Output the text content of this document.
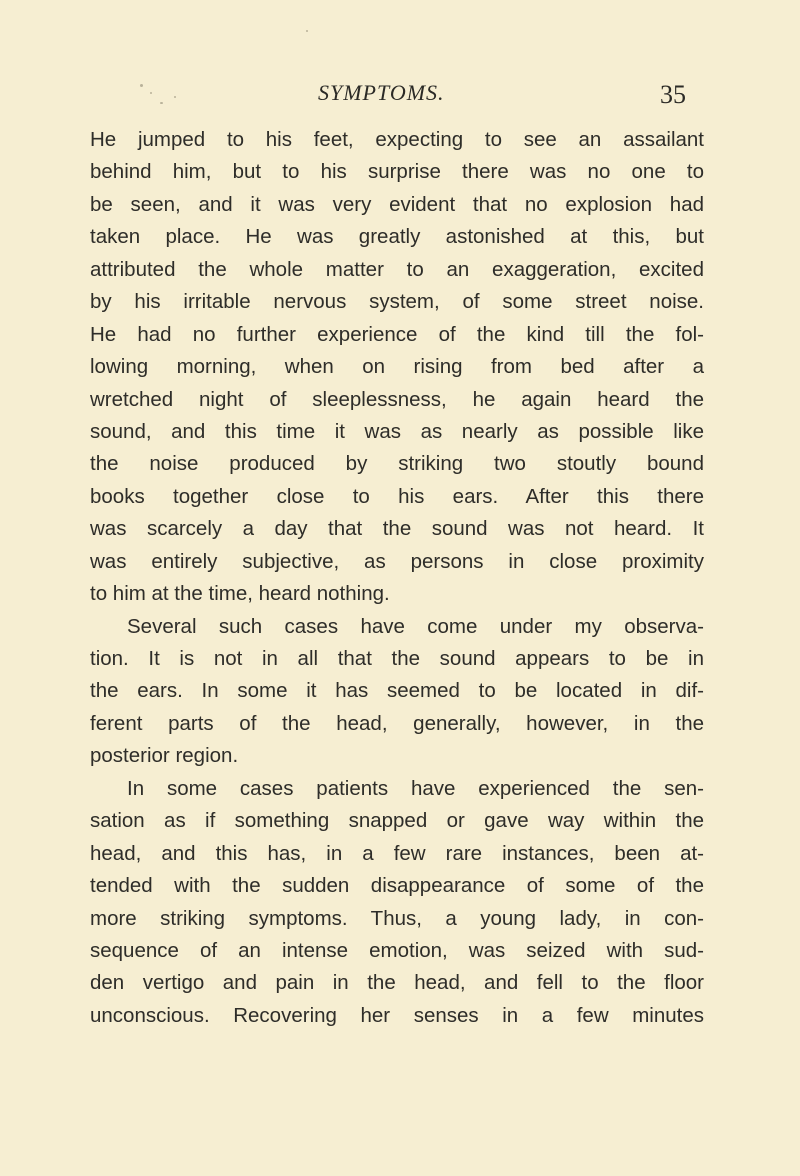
SYMPTOMS.	35
He jumped to his feet, expecting to see an assailant
behind him, but to his surprise there was no one to
be seen, and it was very evident that no explosion had
taken place. He was greatly astonished at this, but
attributed the whole matter to an exaggeration, excited
by his irritable nervous system, of some street noise.
He had no further experience of the kind till the fol-
lowing morning, when on rising from bed after a
wretched night of sleeplessness, he again heard the
sound, and this time it was as nearly as possible like
the noise produced by striking two stoutly bound
books together close to his ears. After this there
was scarcely a day that the sound was not heard. It
was entirely subjective, as persons in close proximity
to him at the time, heard nothing.
Several such cases have come under my observa-
tion. It is not in all that the sound appears to be in
the ears. In some it has seemed to be located in dif-
ferent parts of the head, generally, however, in the
posterior region.
In some cases patients have experienced the sen-
sation as if something snapped or gave way within the
head, and this has, in a few rare instances, been at-
tended with the sudden disappearance of some of the
more striking symptoms. Thus, a young lady, in con-
sequence of an intense emotion, was seized with sud-
den vertigo and pain in the head, and fell to the floor
unconscious. Recovering her senses in a few minutes
